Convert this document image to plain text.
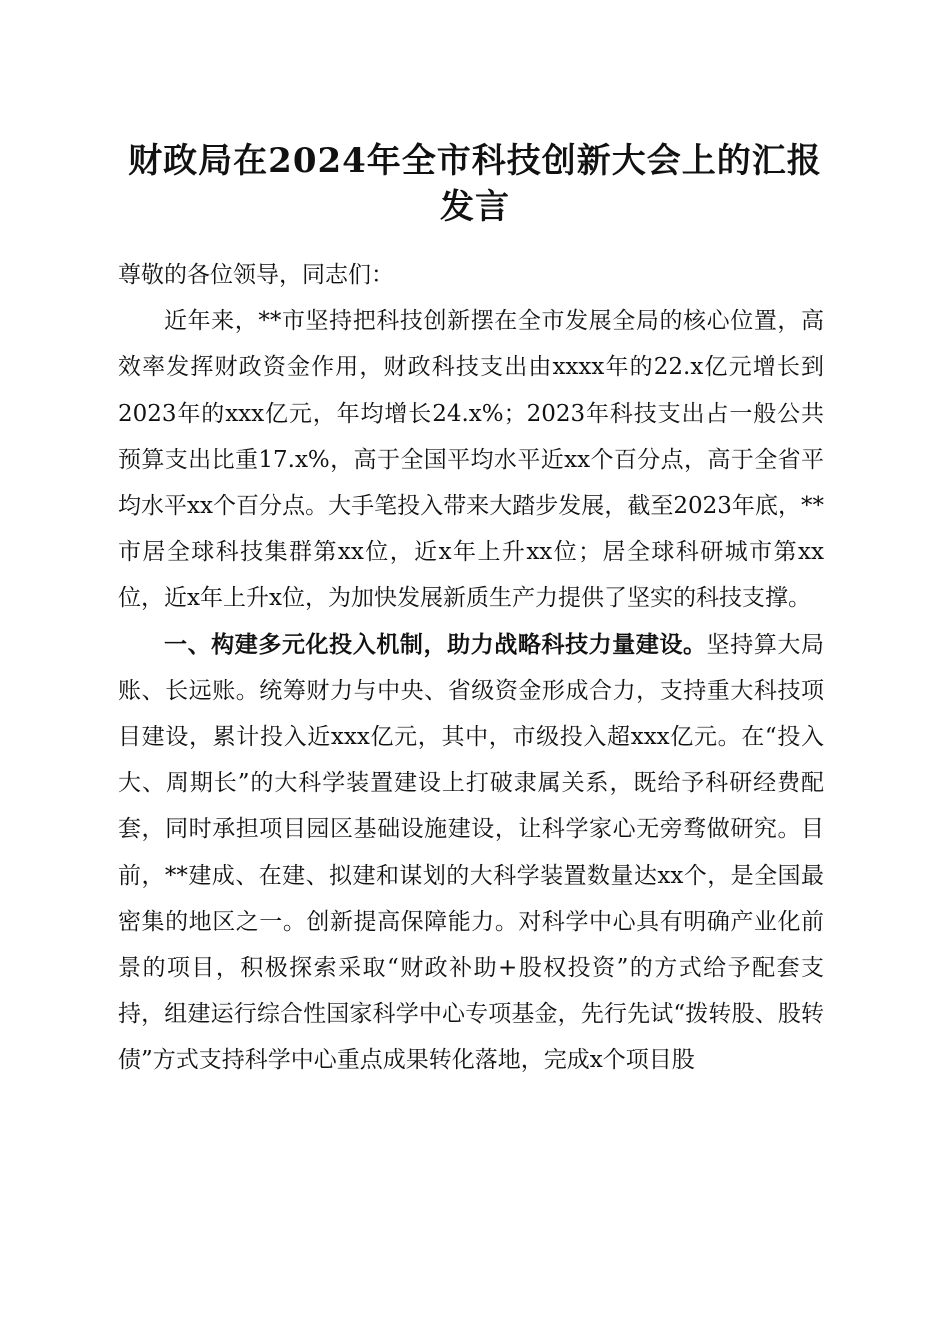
财政局在2024年全市科技创新大会上的汇报发言

尊敬的各位领导，同志们：

近年来，**市坚持把科技创新摆在全市发展全局的核心位置，高效率发挥财政资金作用，财政科技支出由xxxx年的22.x亿元增长到2023年的xxx亿元，年均增长24.x%；2023年科技支出占一般公共预算支出比重17.x%，高于全国平均水平近xx个百分点，高于全省平均水平xx个百分点。大手笔投入带来大踏步发展，截至2023年底，**市居全球科技集群第xx位，近x年上升xx位；居全球科研城市第xx位，近x年上升x位，为加快发展新质生产力提供了坚实的科技支撑。

一、构建多元化投入机制，助力战略科技力量建设。坚持算大局账、长远账。统筹财力与中央、省级资金形成合力，支持重大科技项目建设，累计投入近xxx亿元，其中，市级投入超xxx亿元。在“投入大、周期长”的大科学装置建设上打破隶属关系，既给予科研经费配套，同时承担项目园区基础设施建设，让科学家心无旁骛做研究。目前，**建成、在建、拟建和谋划的大科学装置数量达xx个，是全国最密集的地区之一。创新提高保障能力。对科学中心具有明确产业化前景的项目，积极探索采取“财政补助+股权投资”的方式给予配套支持，组建运行综合性国家科学中心专项基金，先行先试“拨转股、股转债”方式支持科学中心重点成果转化落地，完成x个项目股
